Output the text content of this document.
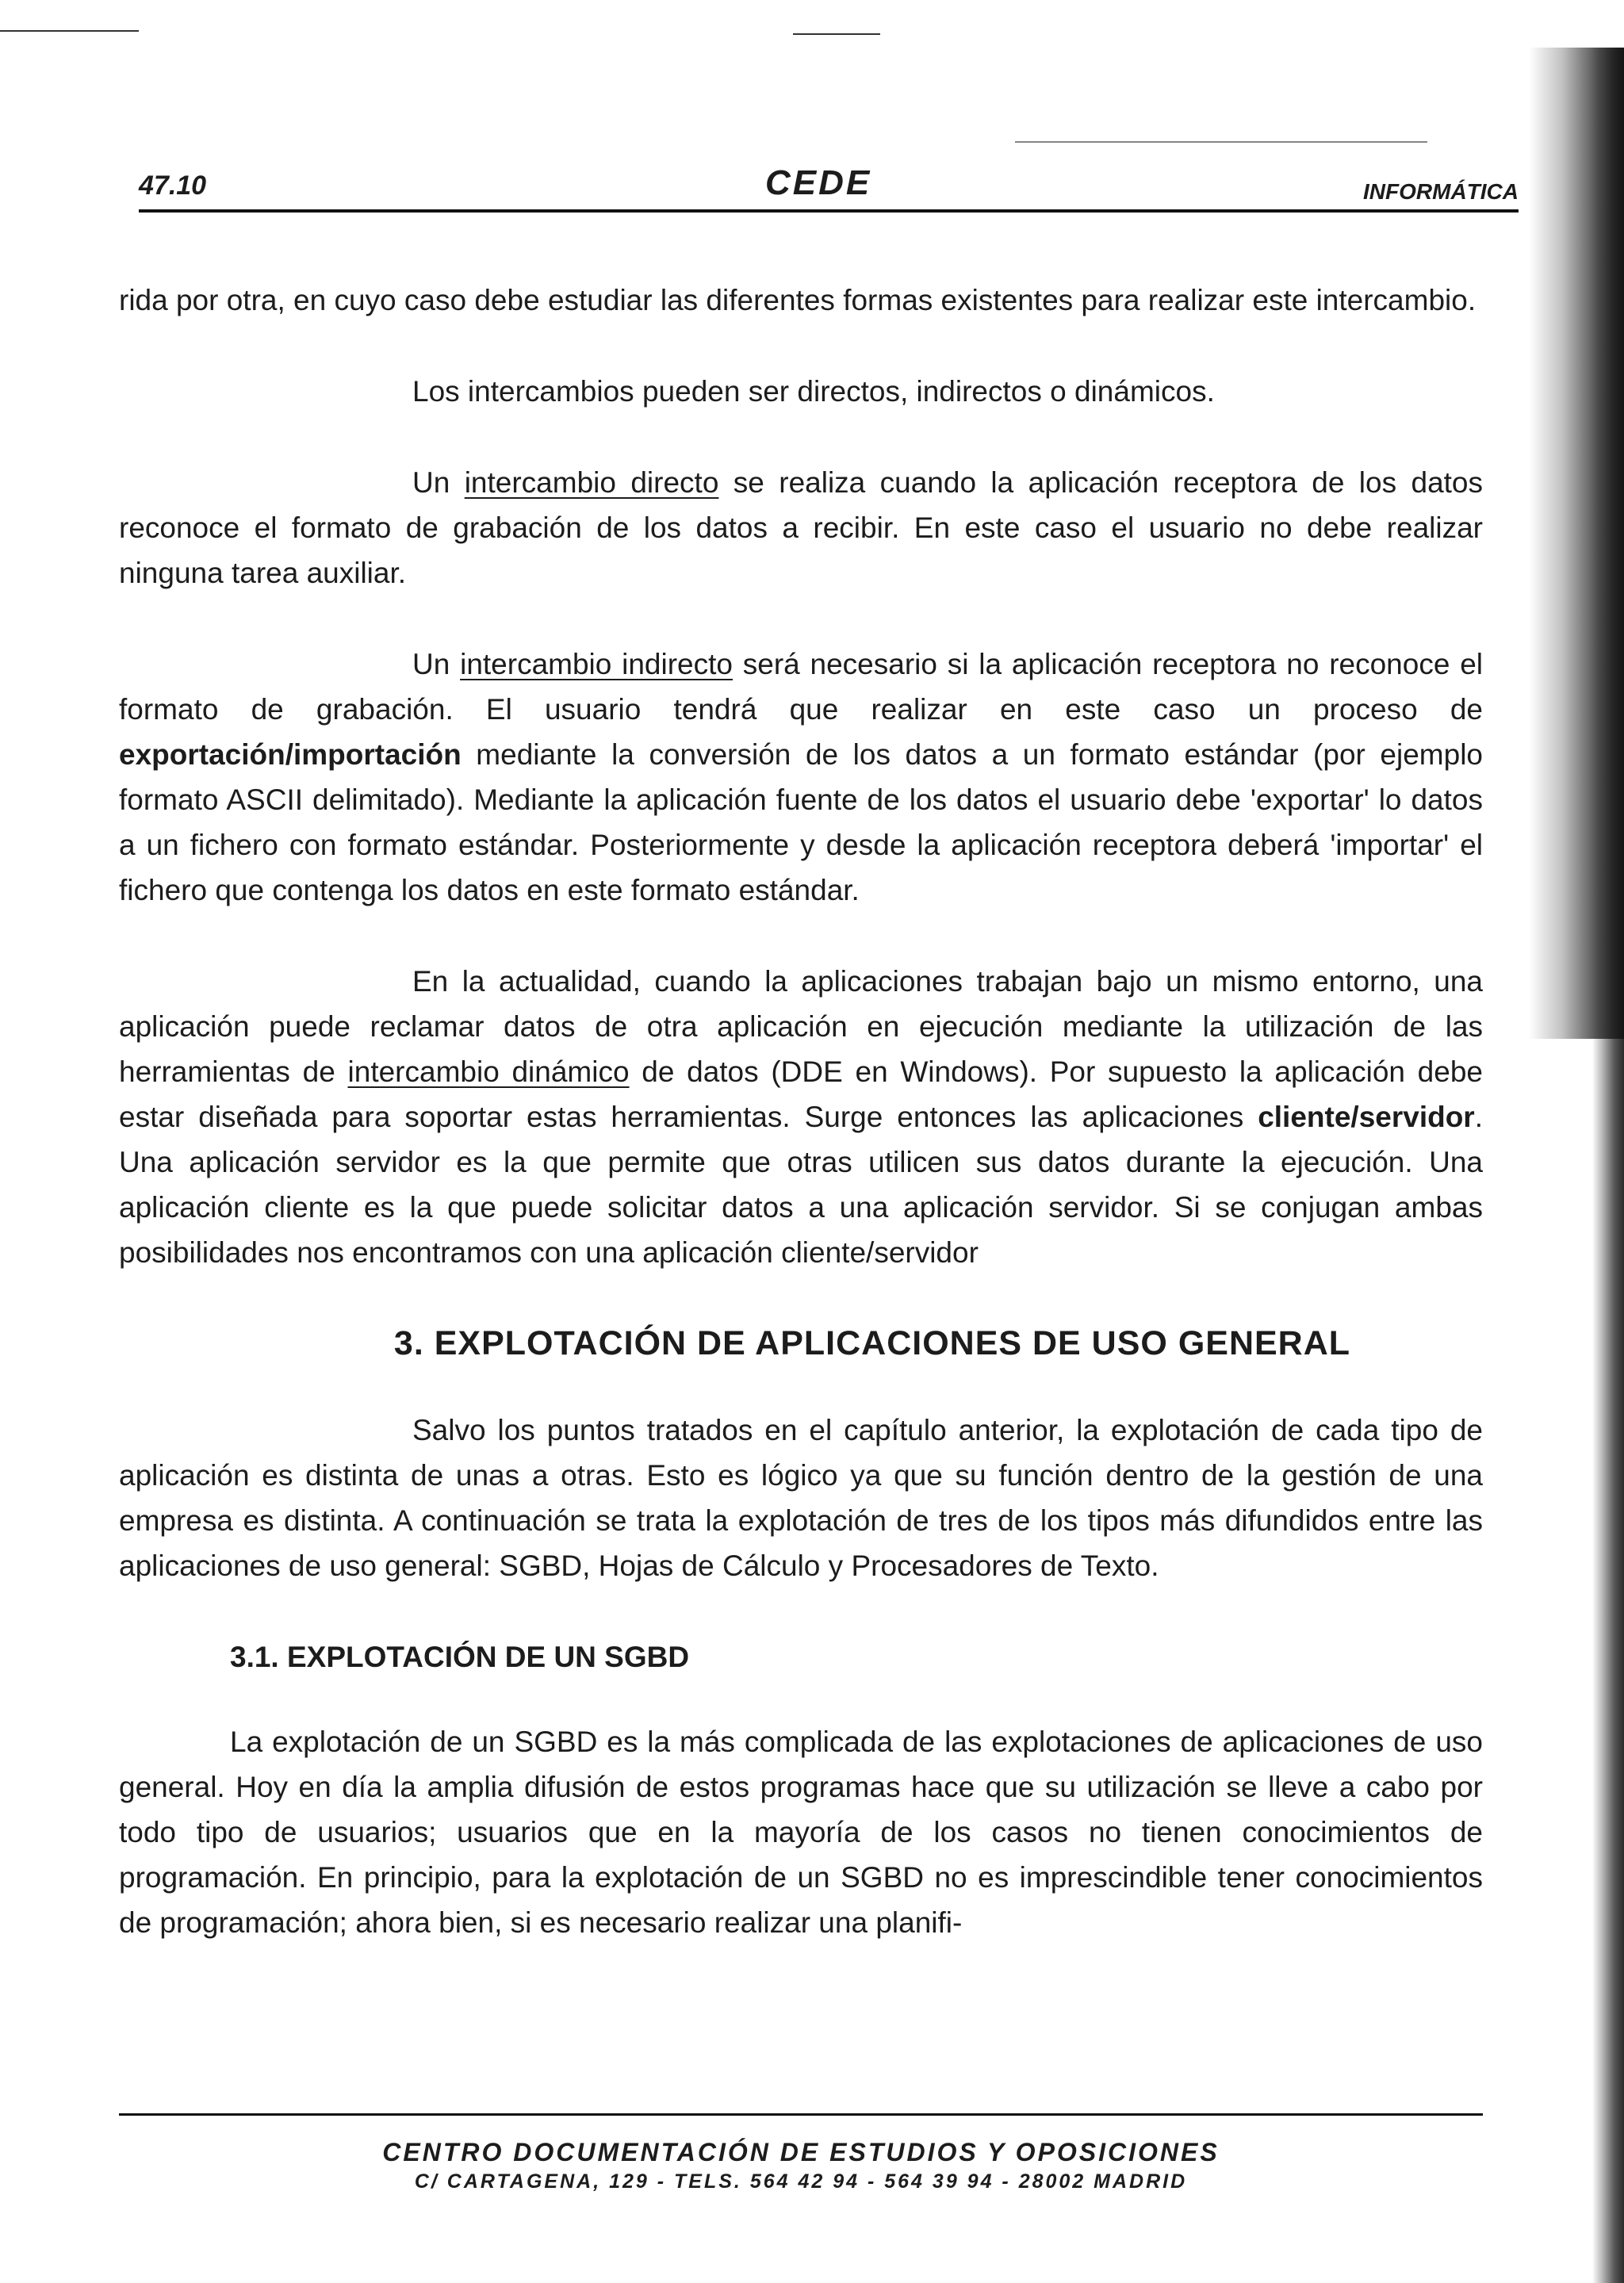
47.10	CEDE	INFORMÁTICA

rida por otra, en cuyo caso debe estudiar las diferentes formas existentes para realizar este intercambio.

Los intercambios pueden ser directos, indirectos o dinámicos.

Un intercambio directo se realiza cuando la aplicación receptora de los datos reconoce el formato de grabación de los datos a recibir. En este caso el usuario no debe realizar ninguna tarea auxiliar.

Un intercambio indirecto será necesario si la aplicación receptora no reconoce el formato de grabación. El usuario tendrá que realizar en este caso un proceso de exportación/importación mediante la conversión de los datos a un formato estándar (por ejemplo formato ASCII delimitado). Mediante la aplicación fuente de los datos el usuario debe 'exportar' lo datos a un fichero con formato estándar. Posteriormente y desde la aplicación receptora deberá 'importar' el fichero que contenga los datos en este formato estándar.

En la actualidad, cuando la aplicaciones trabajan bajo un mismo entorno, una aplicación puede reclamar datos de otra aplicación en ejecución mediante la utilización de las herramientas de intercambio dinámico de datos (DDE en Windows). Por supuesto la aplicación debe estar diseñada para soportar estas herramientas. Surge entonces las aplicaciones cliente/servidor. Una aplicación servidor es la que permite que otras utilicen sus datos durante la ejecución. Una aplicación cliente es la que puede solicitar datos a una aplicación servidor. Si se conjugan ambas posibilidades nos encontramos con una aplicación cliente/servidor

3. EXPLOTACIÓN DE APLICACIONES DE USO GENERAL

Salvo los puntos tratados en el capítulo anterior, la explotación de cada tipo de aplicación es distinta de unas a otras. Esto es lógico ya que su función dentro de la gestión de una empresa es distinta. A continuación se trata la explotación de tres de los tipos más difundidos entre las aplicaciones de uso general: SGBD, Hojas de Cálculo y Procesadores de Texto.

3.1. EXPLOTACIÓN DE UN SGBD

La explotación de un SGBD es la más complicada de las explotaciones de aplicaciones de uso general. Hoy en día la amplia difusión de estos programas hace que su utilización se lleve a cabo por todo tipo de usuarios; usuarios que en la mayoría de los casos no tienen conocimientos de programación. En principio, para la explotación de un SGBD no es imprescindible tener conocimientos de programación; ahora bien, si es necesario realizar una planifi-

CENTRO DOCUMENTACIÓN DE ESTUDIOS Y OPOSICIONES
C/ CARTAGENA, 129 - TELS. 564 42 94 - 564 39 94 - 28002 MADRID
